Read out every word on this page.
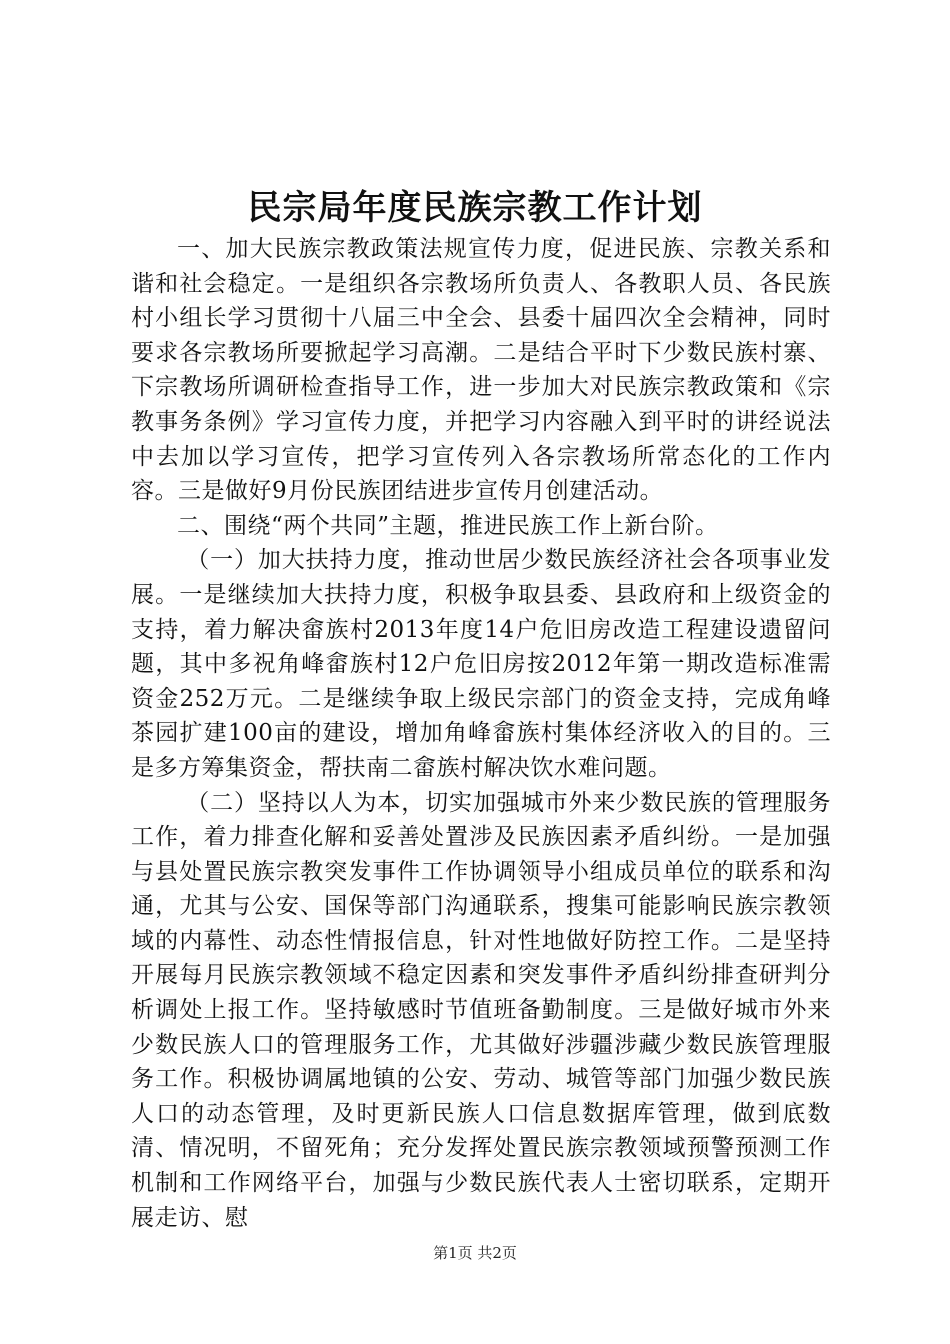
民宗局年度民族宗教工作计划

一、加大民族宗教政策法规宣传力度，促进民族、宗教关系和谐和社会稳定。一是组织各宗教场所负责人、各教职人员、各民族村小组长学习贯彻十八届三中全会、县委十届四次全会精神，同时要求各宗教场所要掀起学习高潮。二是结合平时下少数民族村寨、下宗教场所调研检查指导工作，进一步加大对民族宗教政策和《宗教事务条例》学习宣传力度，并把学习内容融入到平时的讲经说法中去加以学习宣传，把学习宣传列入各宗教场所常态化的工作内容。三是做好9月份民族团结进步宣传月创建活动。

二、围绕“两个共同”主题，推进民族工作上新台阶。

（一）加大扶持力度，推动世居少数民族经济社会各项事业发展。一是继续加大扶持力度，积极争取县委、县政府和上级资金的支持，着力解决畲族村2013年度14户危旧房改造工程建设遗留问题，其中多祝角峰畲族村12户危旧房按2012年第一期改造标准需资金252万元。二是继续争取上级民宗部门的资金支持，完成角峰茶园扩建100亩的建设，增加角峰畲族村集体经济收入的目的。三是多方筹集资金，帮扶南二畲族村解决饮水难问题。

（二）坚持以人为本，切实加强城市外来少数民族的管理服务工作，着力排查化解和妥善处置涉及民族因素矛盾纠纷。一是加强与县处置民族宗教突发事件工作协调领导小组成员单位的联系和沟通，尤其与公安、国保等部门沟通联系，搜集可能影响民族宗教领域的内幕性、动态性情报信息，针对性地做好防控工作。二是坚持开展每月民族宗教领域不稳定因素和突发事件矛盾纠纷排查研判分析调处上报工作。坚持敏感时节值班备勤制度。三是做好城市外来少数民族人口的管理服务工作，尤其做好涉疆涉藏少数民族管理服务工作。积极协调属地镇的公安、劳动、城管等部门加强少数民族人口的动态管理，及时更新民族人口信息数据库管理，做到底数清、情况明，不留死角；充分发挥处置民族宗教领域预警预测工作机制和工作网络平台，加强与少数民族代表人士密切联系，定期开展走访、慰

第1页 共2页
